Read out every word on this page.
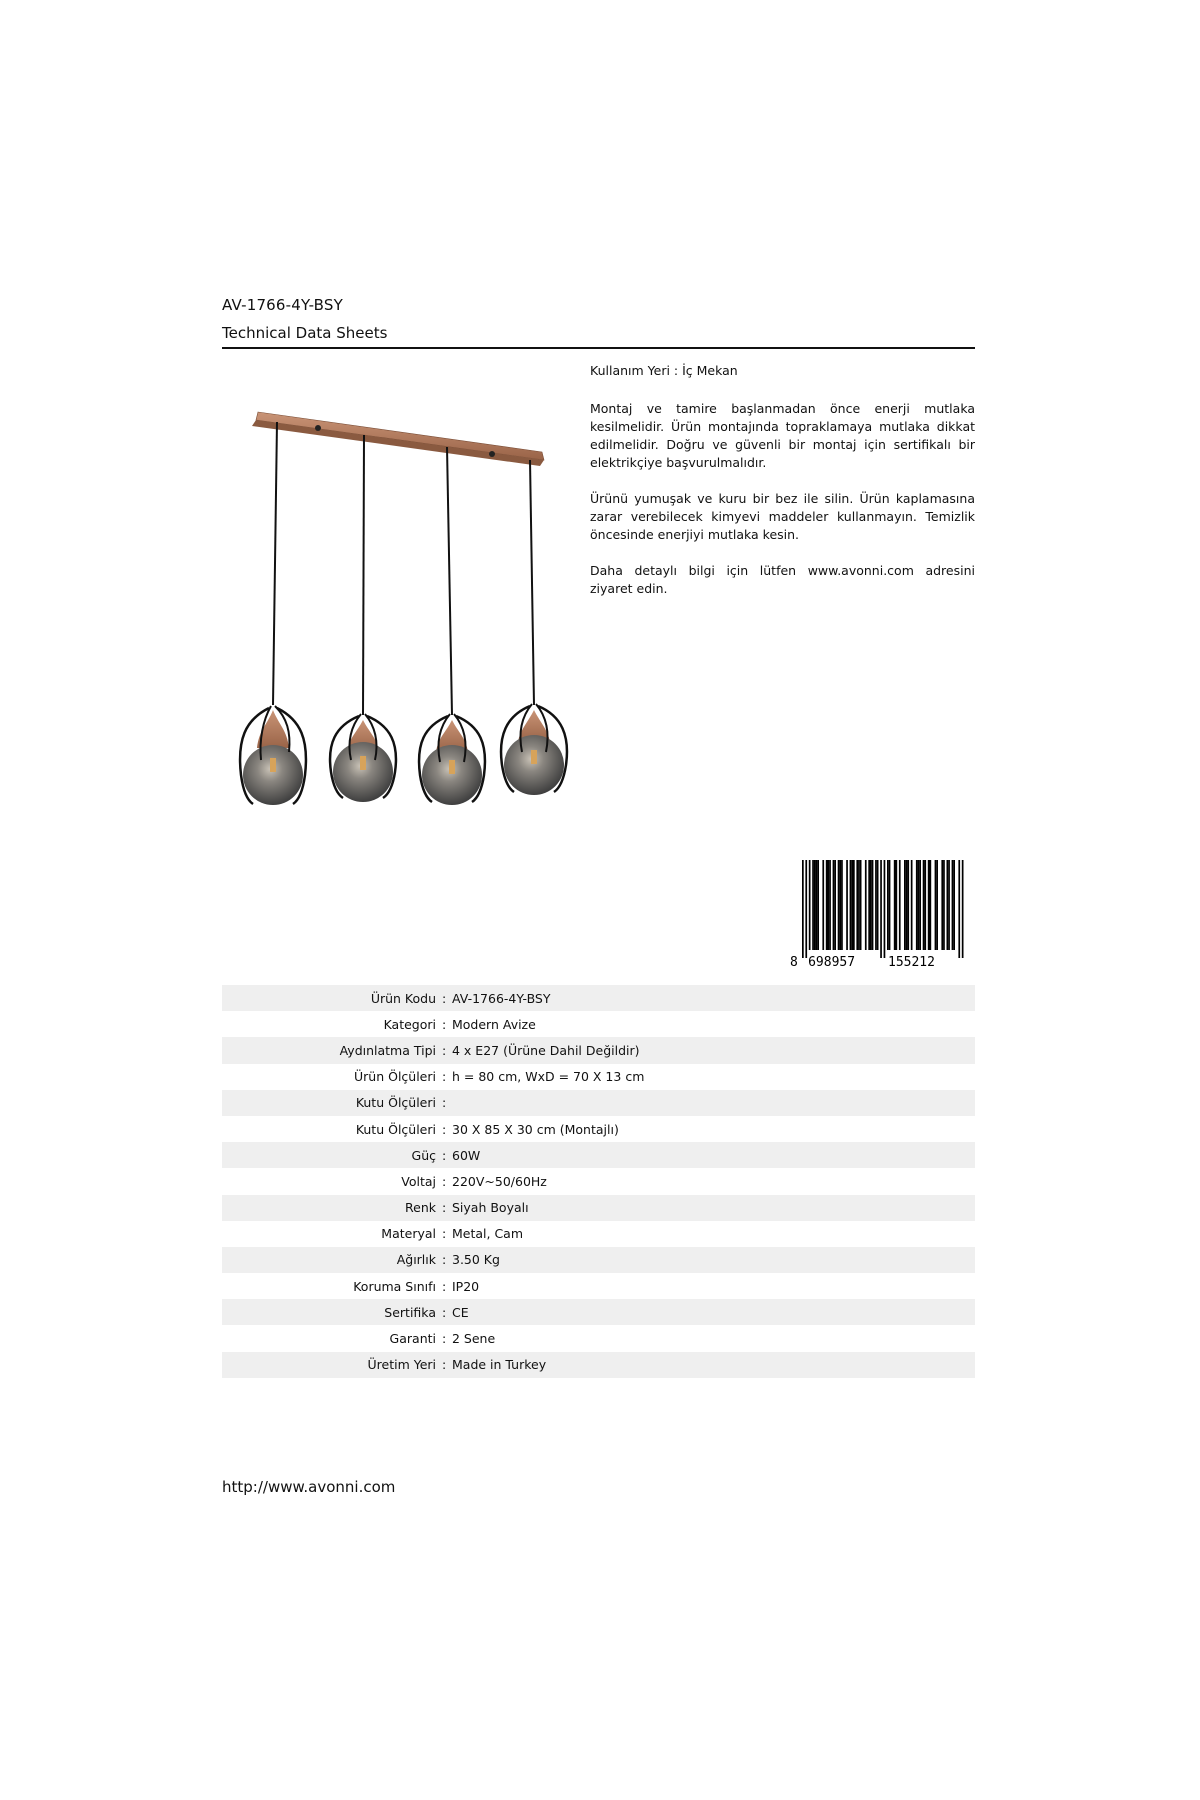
AV-1766-4Y-BSY
Technical Data Sheets

Kullanım Yeri : İç Mekan

Montaj ve tamire başlanmadan önce enerji mutlaka kesilmelidir. Ürün montajında topraklamaya mutlaka dikkat edilmelidir. Doğru ve güvenli bir montaj için sertifikalı bir elektrikçiye başvurulmalıdır.

Ürünü yumuşak ve kuru bir bez ile silin. Ürün kaplamasına zarar verebilecek kimyevi maddeler kullanmayın. Temizlik öncesinde enerjiyi mutlaka kesin.

Daha detaylı bilgi için lütfen www.avonni.com adresini ziyaret edin.

8 698957	155212
Ürün Kodu : AV-1766-4Y-BSY
Kategori : Modern Avize
Aydınlatma Tipi : 4 x E27 (Ürüne Dahil Değildir)
Ürün Ölçüleri : h = 80 cm, WxD = 70 X 13 cm
Kutu Ölçüleri :
Kutu Ölçüleri : 30 X 85 X 30 cm (Montajlı)
Güç : 60W
Voltaj : 220V~50/60Hz
Renk : Siyah Boyalı
Materyal : Metal, Cam
Ağırlık : 3.50 Kg
Koruma Sınıfı : IP20
Sertifika : CE
Garanti : 2 Sene
Üretim Yeri : Made in Turkey
http://www.avonni.com
